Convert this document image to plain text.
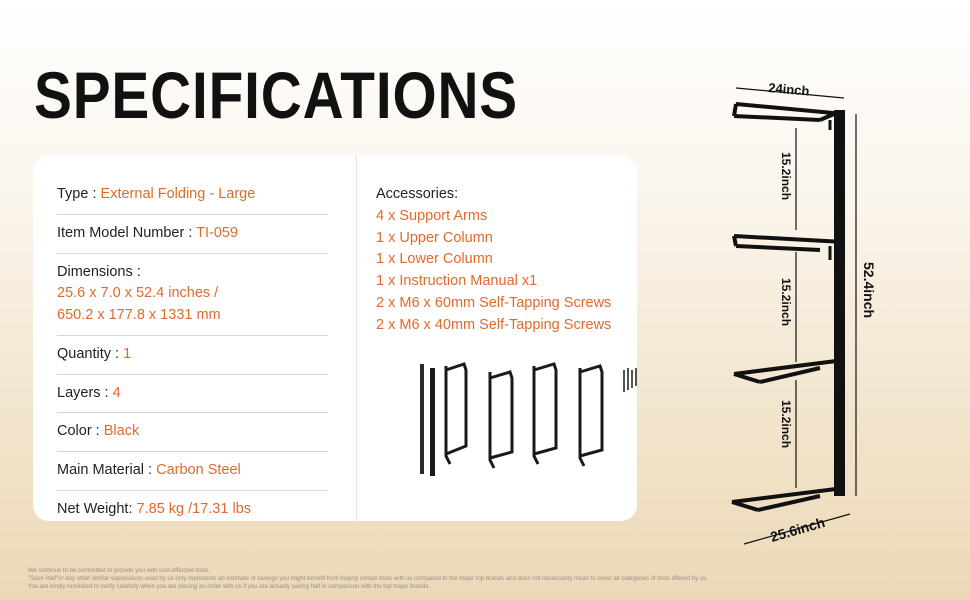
SPECIFICATIONS
Type : External Folding - Large
Item Model Number : TI-059
Dimensions :
25.6 x 7.0 x 52.4 inches /
650.2 x 177.8 x 1331 mm
Quantity : 1
Layers : 4
Color : Black
Main Material : Carbon Steel
Net Weight: 7.85 kg /17.31 lbs
Accessories:
4 x Support Arms
1 x Upper Column
1 x Lower Column
1 x Instruction Manual x1
2 x M6 x 60mm Self-Tapping Screws
2 x M6 x 40mm Self-Tapping Screws
24inch
15.2inch
15.2inch
15.2inch
52.4inch
25.6inch
We continue to be committed to provide you with cost-effective tools.
"Save Half"or any other similar expressions used by us only represents an estimate of savings you might benefit from buying certain tools with us compared to the major top brands and does not necessarily mean to cover all categories of tools offered by us.
You are kindly reminded to verify carefully when you are placing an order with us if you are actually saving half in comparison with the top major brands.
